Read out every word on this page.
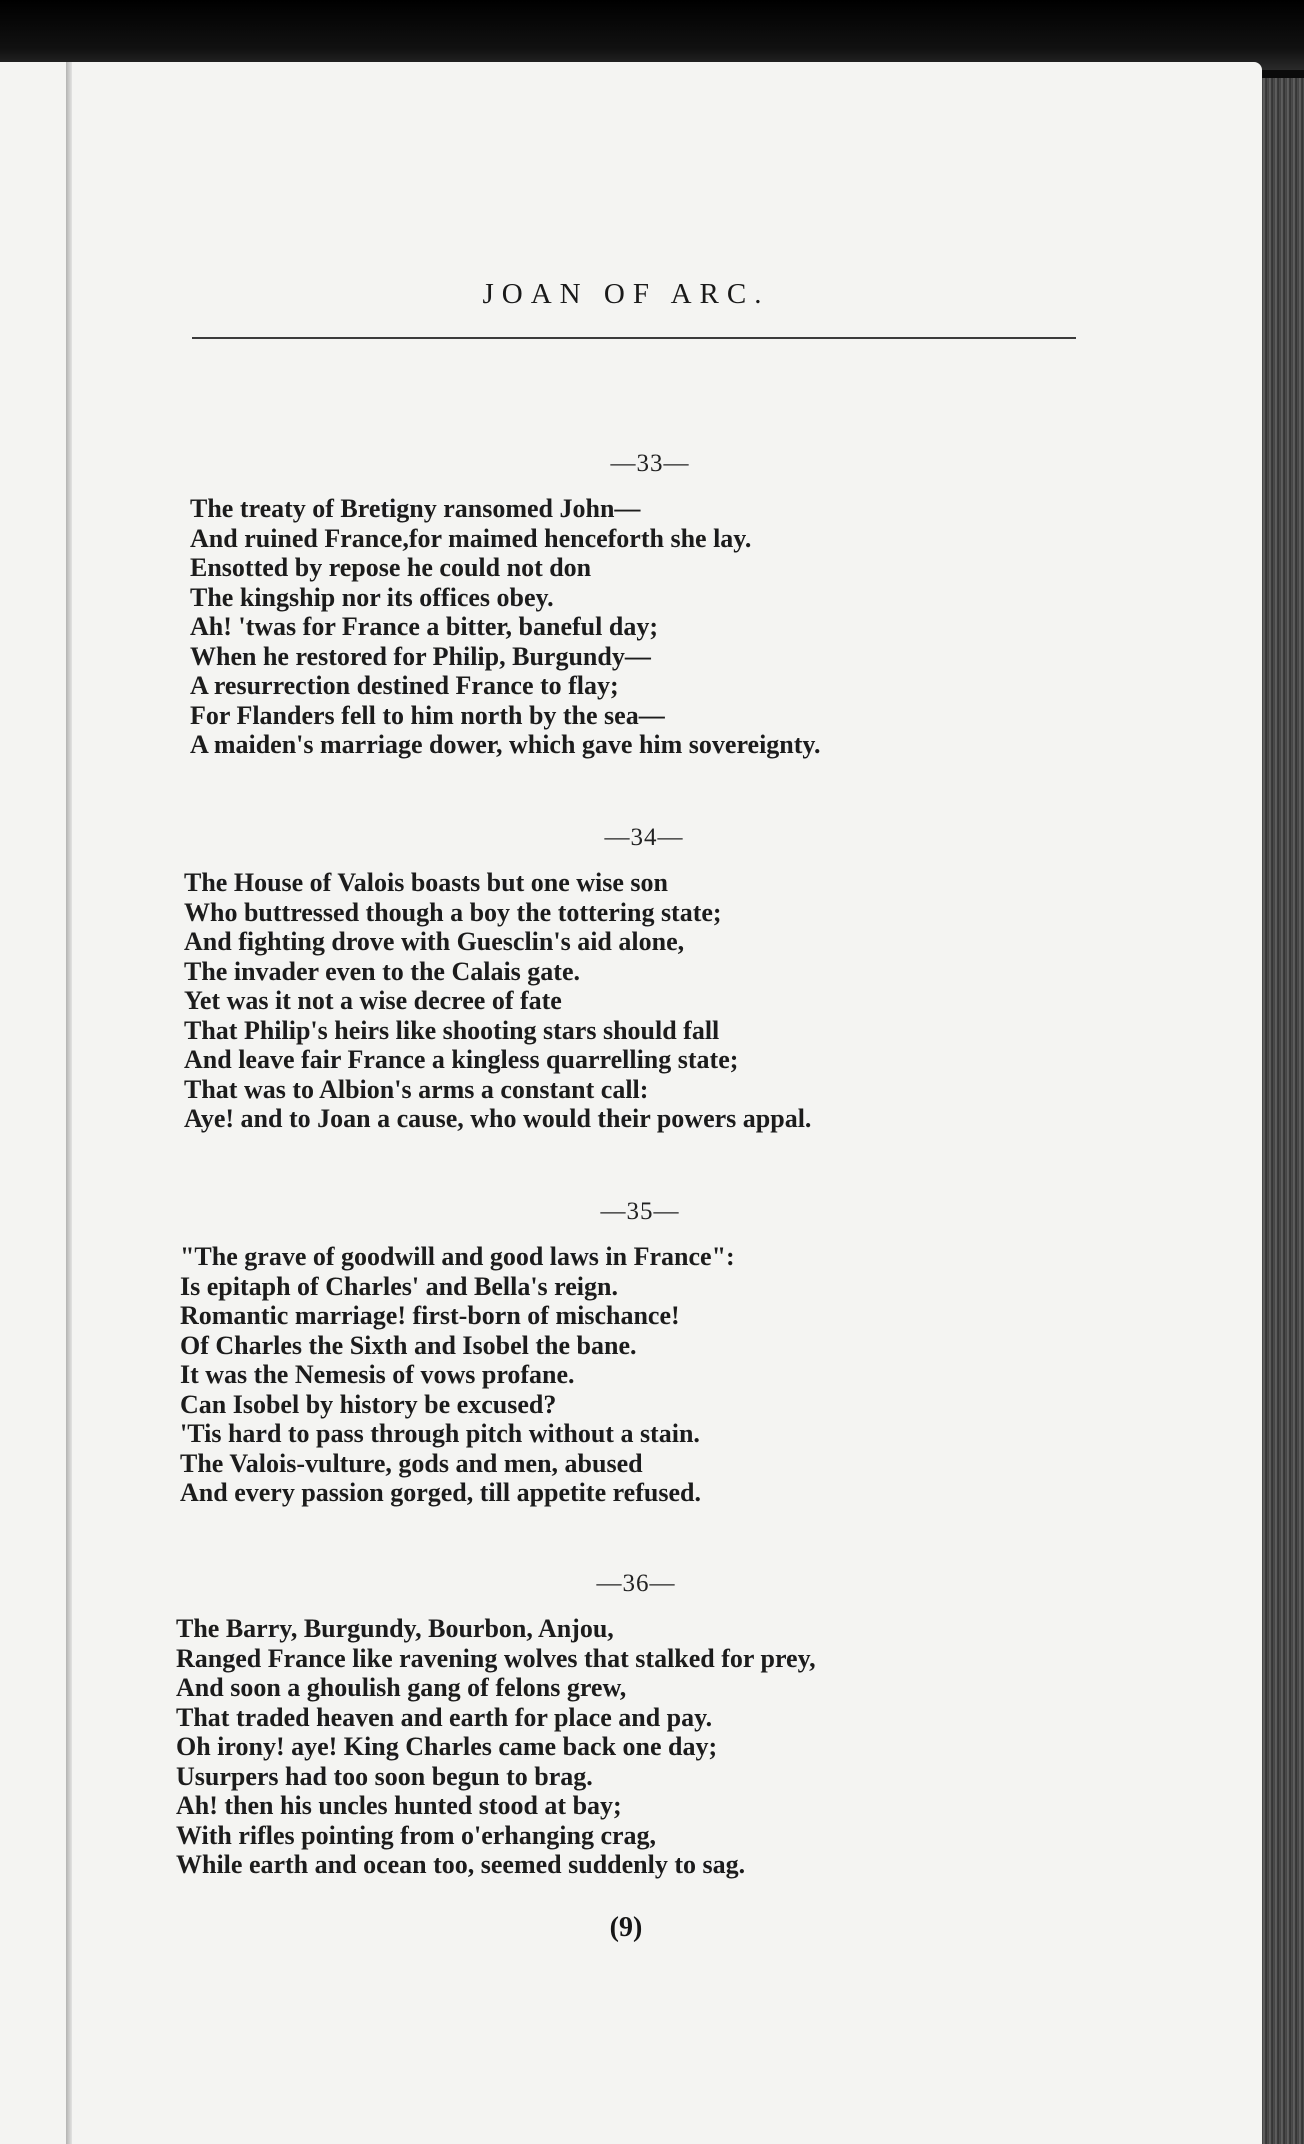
JOAN OF ARC.
—33—
The treaty of Bretigny ransomed John—
And ruined France,for maimed henceforth she lay.
Ensotted by repose he could not don
The kingship nor its offices obey.
Ah! 'twas for France a bitter, baneful day;
When he restored for Philip, Burgundy—
A resurrection destined France to flay;
For Flanders fell to him north by the sea—
A maiden's marriage dower, which gave him sovereignty.
—34—
The House of Valois boasts but one wise son
Who buttressed though a boy the tottering state;
And fighting drove with Guesclin's aid alone,
The invader even to the Calais gate.
Yet was it not a wise decree of fate
That Philip's heirs like shooting stars should fall
And leave fair France a kingless quarrelling state;
That was to Albion's arms a constant call:
Aye! and to Joan a cause, who would their powers appal.
—35—
"The grave of goodwill and good laws in France":
Is epitaph of Charles' and Bella's reign.
Romantic marriage! first-born of mischance!
Of Charles the Sixth and Isobel the bane.
It was the Nemesis of vows profane.
Can Isobel by history be excused?
'Tis hard to pass through pitch without a stain.
The Valois-vulture, gods and men, abused
And every passion gorged, till appetite refused.
—36—
The Barry, Burgundy, Bourbon, Anjou,
Ranged France like ravening wolves that stalked for prey,
And soon a ghoulish gang of felons grew,
That traded heaven and earth for place and pay.
Oh irony! aye! King Charles came back one day;
Usurpers had too soon begun to brag.
Ah! then his uncles hunted stood at bay;
With rifles pointing from o'erhanging crag,
While earth and ocean too, seemed suddenly to sag.
(9)
